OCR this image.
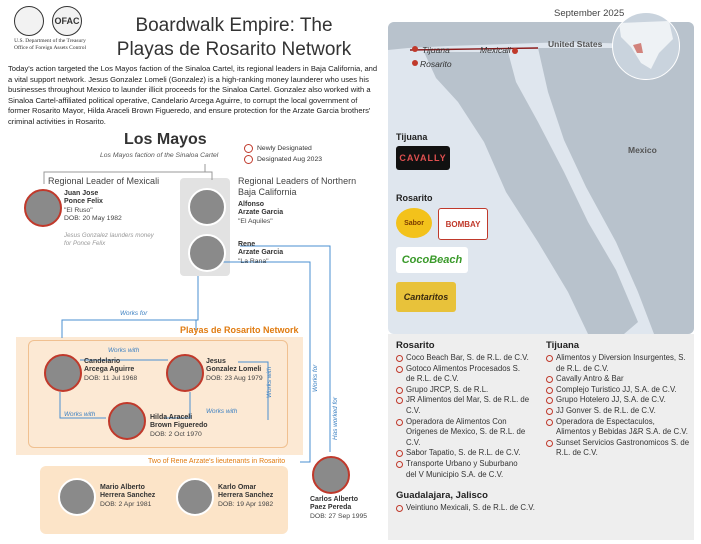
OFAC
U.S. Department of the Treasury
Office of Foreign Assets Control
Boardwalk Empire: The Playas de Rosarito Network
Today's action targeted the Los Mayos faction of the Sinaloa Cartel, its regional leaders in Baja California, and a vital support network. Jesus Gonzalez Lomeli (Gonzalez) is a high-ranking money launderer who uses his businesses throughout Mexico to launder illicit proceeds for the Sinaloa Cartel. Gonzalez also worked with a Sinaloa Cartel-affiliated political operative, Candelario Arcega Aguirre, to corrupt the local government of former Rosarito Mayor, Hilda Araceli Brown Figueredo, and ensure protection for the Arzate Garcia brothers' criminal activities in Rosarito.
September 2025
Tijuana
Rosarito
Mexicali
United States
Mexico
Tijuana
CAVALLY
Rosarito
Sabor	BOMBAY
CocoBeach
Cantaritos
Rosarito
Coco Beach Bar, S. de R.L. de C.V.
Gotoco Alimentos Procesados S. de R.L. de C.V.
Grupo JRCP, S. de R.L.
JR Alimentos del Mar, S. de R.L. de C.V.
Operadora de Alimentos Con Origenes de Mexico, S. de R.L. de C.V.
Sabor Tapatio, S. de R.L. de C.V.
Transporte Urbano y Suburbano del V Municipio S.A. de C.V.
Guadalajara, Jalisco
Veintiuno Mexicali, S. de R.L. de C.V.
Tijuana
Alimentos y Diversion Insurgentes, S. de R.L. de C.V.
Cavally Antro & Bar
Complejo Turistico JJ, S.A. de C.V.
Grupo Hotelero JJ, S.A. de C.V.
JJ Gonver S. de R.L. de C.V.
Operadora de Espectaculos, Alimentos y Bebidas J&R S.A. de C.V.
Sunset Servicios Gastronomicos S. de R.L. de C.V.
Los Mayos
Los Mayos faction of the Sinaloa Cartel
Newly Designated
Designated Aug 2023
Regional Leader of Mexicali	Regional Leaders of Northern Baja California
Juan Jose
Ponce Felix
"El Ruso"
DOB: 20 May 1982
Jesus Gonzalez launders money for Ponce Felix
Alfonso
Arzate Garcia
"El Aquiles"
Rene
Arzate Garcia
"La Rana"
Works for
Playas de Rosarito Network
Candelario
Arcega Aguirre
DOB: 11 Jul 1968
Jesus
Gonzalez Lomeli
DOB: 23 Aug 1979
Works with
Works with	Works with
Works with
Hilda Araceli
Brown Figueredo
DOB: 2 Oct 1970
Two of Rene Arzate's lieutenants in Rosarito
Mario Alberto
Herrera Sanchez
DOB: 2 Apr 1981
Karlo Omar
Herrera Sanchez
DOB: 19 Apr 1982
Carlos Alberto
Paez Pereda
DOB: 27 Sep 1995
Works for
Has worked for
